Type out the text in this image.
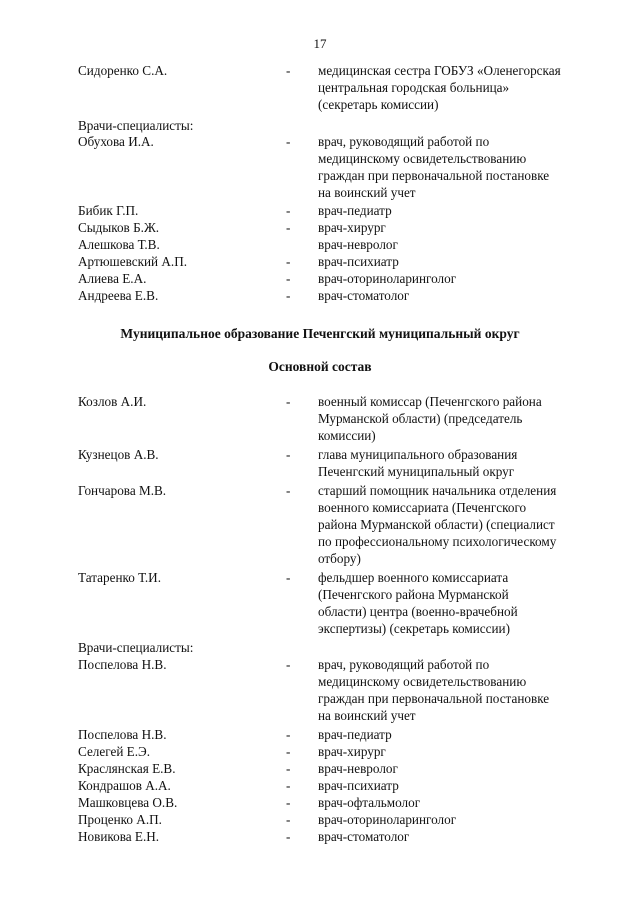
17
Сидоренко С.А.	- медицинская сестра ГОБУЗ «Оленегорская
центральная городская больница»
(секретарь комиссии)
Врачи-специалисты:
Обухова И.А.	- врач, руководящий работой по
медицинскому освидетельствованию
граждан при первоначальной постановке
на воинский учет
Бибик Г.П.	- врач-педиатр
Сыдыков Б.Ж.	- врач-хирург
Алешкова Т.В.	врач-невролог
Артюшевский А.П.	- врач-психиатр
Алиева Е.А.	- врач-оториноларинголог
Андреева Е.В.	- врач-стоматолог
Муниципальное образование Печенгский муниципальный округ
Основной состав
Козлов А.И.	- военный комиссар (Печенгского района
Мурманской области) (председатель
комиссии)
Кузнецов А.В.	- глава муниципального образования
Печенгский муниципальный округ
Гончарова М.В.	- старший помощник начальника отделения
военного комиссариата (Печенгского
района Мурманской области) (специалист
по профессиональному психологическому
отбору)
Татаренко Т.И.	- фельдшер военного комиссариата
(Печенгского района Мурманской
области) центра (военно-врачебной
экспертизы) (секретарь комиссии)
Врачи-специалисты:
Поспелова Н.В.	- врач, руководящий работой по
медицинскому освидетельствованию
граждан при первоначальной постановке
на воинский учет
Поспелова Н.В.	- врач-педиатр
Селегей Е.Э.	- врач-хирург
Краслянская Е.В.	- врач-невролог
Кондрашов А.А.	- врач-психиатр
Машковцева О.В.	- врач-офтальмолог
Проценко А.П.	- врач-оториноларинголог
Новикова Е.Н.	- врач-стоматолог
